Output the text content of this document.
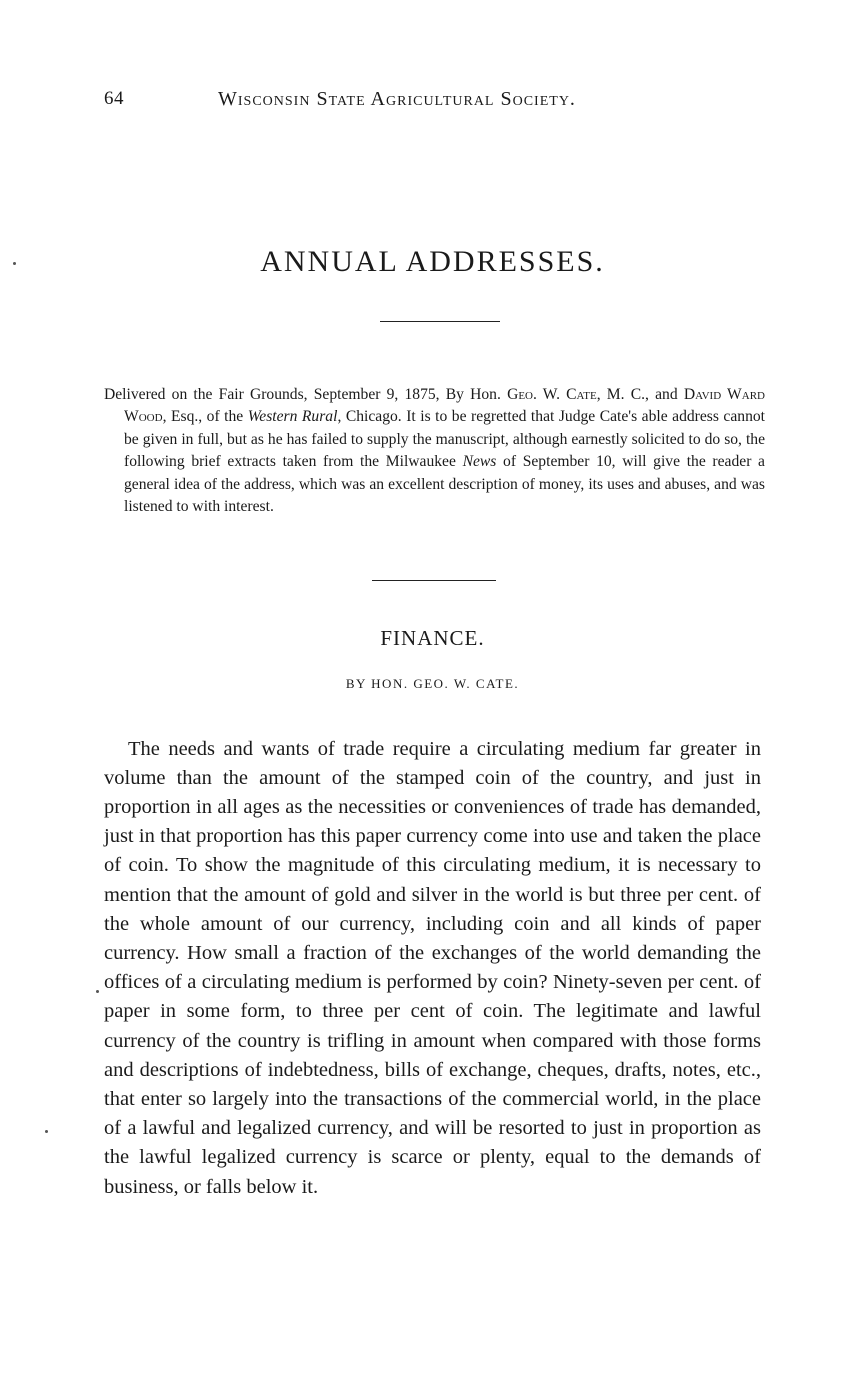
64	Wisconsin State Agricultural Society.
ANNUAL ADDRESSES.

Delivered on the Fair Grounds, September 9, 1875, By Hon. Geo. W. Cate, M. C., and David Ward Wood, Esq., of the Western Rural, Chicago. It is to be regretted that Judge Cate's able address cannot be given in full, but as he has failed to supply the manuscript, although earnestly solicited to do so, the following brief extracts taken from the Milwaukee News of September 10, will give the reader a general idea of the address, which was an excellent description of money, its uses and abuses, and was listened to with interest.

FINANCE.
BY HON. GEO. W. CATE.

The needs and wants of trade require a circulating medium far greater in volume than the amount of the stamped coin of the country, and just in proportion in all ages as the necessities or conveniences of trade has demanded, just in that proportion has this paper currency come into use and taken the place of coin. To show the magnitude of this circulating medium, it is necessary to mention that the amount of gold and silver in the world is but three per cent. of the whole amount of our currency, including coin and all kinds of paper currency. How small a fraction of the exchanges of the world demanding the offices of a circulating medium is performed by coin? Ninety-seven per cent. of paper in some form, to three per cent of coin. The legitimate and lawful currency of the country is trifling in amount when compared with those forms and descriptions of indebtedness, bills of exchange, cheques, drafts, notes, etc., that enter so largely into the transactions of the commercial world, in the place of a lawful and legalized currency, and will be resorted to just in proportion as the lawful legalized currency is scarce or plenty, equal to the demands of business, or falls below it.
